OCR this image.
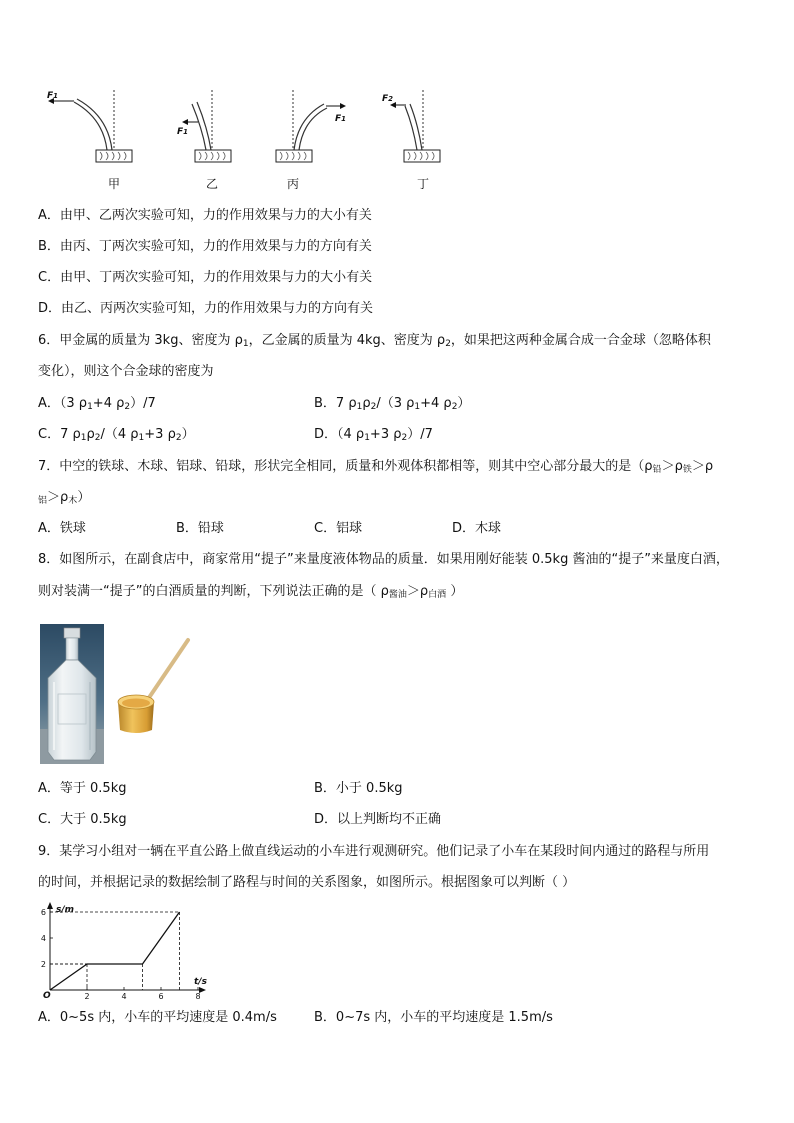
F1
F1
F1
F2
甲	乙	丙	丁
A．由甲、乙两次实验可知，力的作用效果与力的大小有关
B．由丙、丁两次实验可知，力的作用效果与力的方向有关
C．由甲、丁两次实验可知，力的作用效果与力的大小有关
D．由乙、丙两次实验可知，力的作用效果与力的方向有关
6．甲金属的质量为 3kg、密度为 $\rho_1$，乙金属的质量为 4kg、密度为 $\rho_2$，如果把这两种金属合成一合金球（忽略体积
变化），则这个合金球的密度为
A．（3 $\rho_1+4$ $\rho_2)/7$	B．7 $\rho_1\rho_2/(3$ $\rho_1+4$ $\rho_2$）
C．7 $\rho_1\rho_2/(4$ $\rho_1+3$ $\rho_2$）	D．（4 $\rho_1+3$ $\rho_2)/7$
7．中空的铁球、木球、铝球、铅球，形状完全相同，质量和外观体积都相等，则其中空心部分最大的是（$\rho_铅>\rho_铁>\rho$
$_铝>\rho_木$）
A．铁球	B．铅球	C．铝球	D．木球
8．如图所示，在副食店中，商家常用“提子”来量度液体物品的质量．如果用刚好能装 0.5kg 酱油的“提子”来量度白酒，
则对装满一“提子”的白酒质量的判断，下列说法正确的是（ $\rho_{酱油}>\rho_{白酒}$ ）
A．等于 0.5kg	B．小于 0.5kg
C．大于 0.5kg	D．以上判断均不正确
9．某学习小组对一辆在平直公路上做直线运动的小车进行观测研究。他们记录了小车在某段时间内通过的路程与所用
的时间，并根据记录的数据绘制了路程与时间的关系图象，如图所示。根据图象可以判断（ ）
2	4	6	8
2
4
6 s/m
t/s
O
A．0~5s 内，小车的平均速度是 0.4m/s	B．0~7s 内，小车的平均速度是 1.5m/s
